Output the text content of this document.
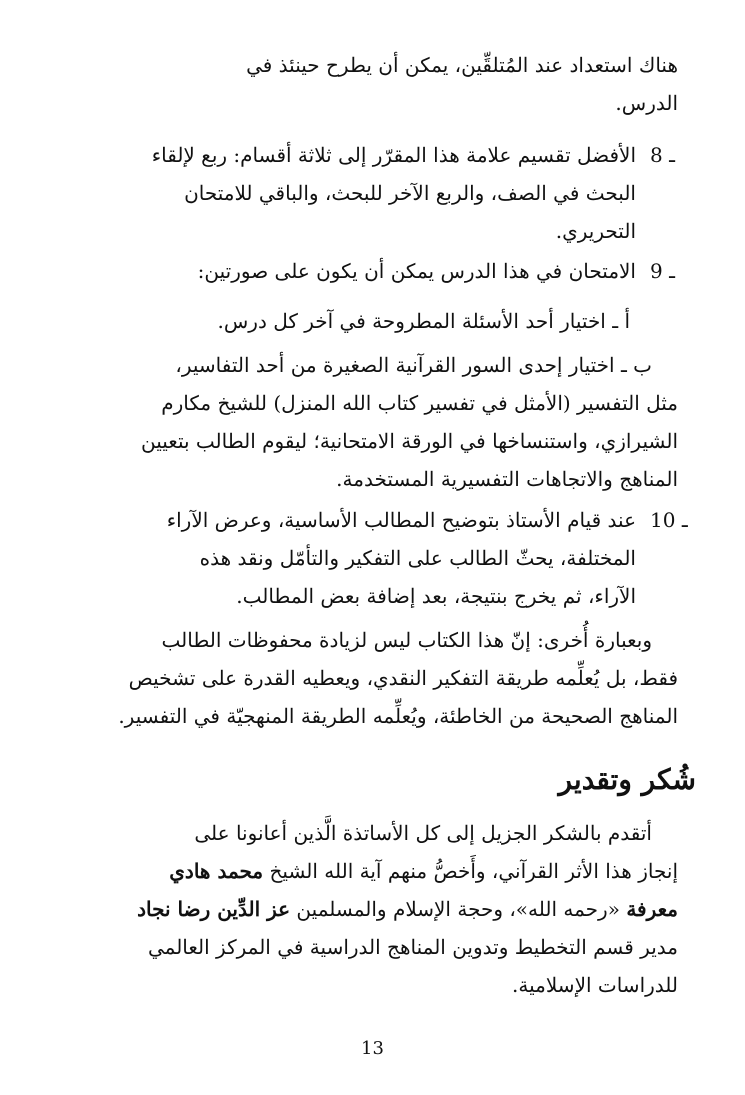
هناك استعداد عند المُتلقِّين، يمكن أن يطرح حينئذ في

الدرس.

8 ـ

الأفضل تقسيم علامة هذا المقرّر إلى ثلاثة أقسام: ربع لإلقاء

البحث في الصف، والربع الآخر للبحث، والباقي للامتحان

التحريري.

9 ـ

الامتحان في هذا الدرس يمكن أن يكون على صورتين:

أ ـ اختيار أحد الأسئلة المطروحة في آخر كل درس.

ب ـ اختيار إحدى السور القرآنية الصغيرة من أحد التفاسير،

مثل التفسير (الأمثل في تفسير كتاب الله المنزل) للشيخ مكارم

الشيرازي، واستنساخها في الورقة الامتحانية؛ ليقوم الطالب بتعيين

المناهج والاتجاهات التفسيرية المستخدمة.

10 ـ

عند قيام الأستاذ بتوضيح المطالب الأساسية، وعرض الآراء

المختلفة، يحثّ الطالب على التفكير والتأمّل ونقد هذه

الآراء، ثم يخرج بنتيجة، بعد إضافة بعض المطالب.

وبعبارة أُخرى: إنّ هذا الكتاب ليس لزيادة محفوظات الطالب

فقط، بل يُعلِّمه طريقة التفكير النقدي، ويعطيه القدرة على تشخيص

المناهج الصحيحة من الخاطئة، ويُعلِّمه الطريقة المنهجيّة في التفسير.

شُكر وتقدير

أتقدم بالشكر الجزيل إلى كل الأساتذة الَّذين أعانونا على

إنجاز هذا الأثر القرآني، وأَخصُّ منهم آية الله الشيخ محمد هادي

معرفة «رحمه الله»، وحجة الإسلام والمسلمين عز الدِّين رضا نجاد

مدير قسم التخطيط وتدوين المناهج الدراسية في المركز العالمي

للدراسات الإسلامية.

13
